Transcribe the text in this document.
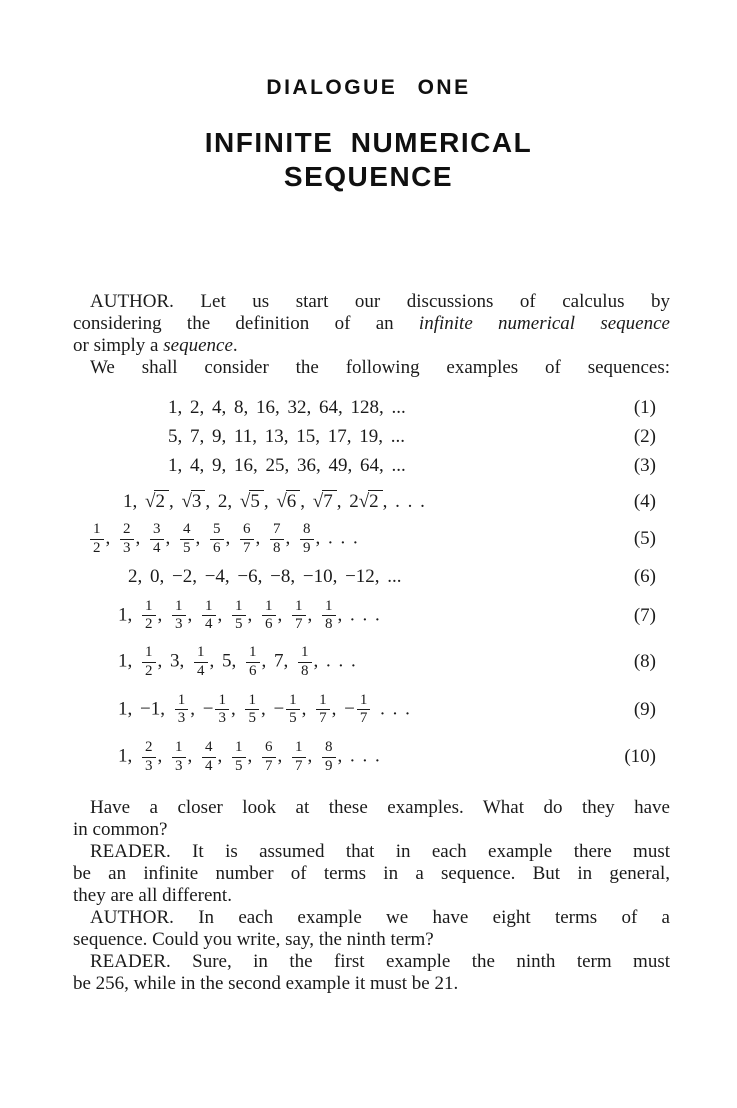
DIALOGUE ONE
INFINITE NUMERICAL
SEQUENCE

AUTHOR. Let us start our discussions of calculus by
considering the definition of an infinite numerical sequence
or simply a sequence.

We shall consider the following examples of sequences:

1, 2, 4, 8, 16, 32, 64, 128, ...	(1)
5, 7, 9, 11, 13, 15, 17, 19, ...	(2)
1, 4, 9, 16, 25, 36, 49, 64, ...	(3)
1, √2 , √3 , 2, √5 , √6 , √7 , 2√2 , . . .	(4)
$\frac{1}{2}$ , $\frac{2}{3}$ , $\frac{3}{4}$ , $\frac{4}{5}$ , $\frac{5}{6}$ , $\frac{6}{7}$ , $\frac{7}{8}$ , $\frac{8}{9}$ , . . .	(5)
2, 0, −2, −4, −6, −8, −10, −12, ...	(6)
1, $\frac{1}{2}$ , $\frac{1}{3}$ , $\frac{1}{4}$ , $\frac{1}{5}$ , $\frac{1}{6}$ , $\frac{1}{7}$ , $\frac{1}{8}$ , . . .	(7)
1, $\frac{1}{2}$ , 3, $\frac{1}{4}$ , 5, $\frac{1}{6}$ , 7, $\frac{1}{8}$ , . . .	(8)
1, −1, $\frac{1}{3}$ , − $\frac{1}{3}$ , $\frac{1}{5}$ , − $\frac{1}{5}$ , $\frac{1}{7}$ , − $\frac{1}{7}$ . . .	(9)
1, $\frac{2}{3}$ , $\frac{1}{3}$ , $\frac{4}{4}$ , $\frac{1}{5}$ , $\frac{6}{7}$ , $\frac{1}{7}$ , $\frac{8}{9}$ , . . .	(10)

Have a closer look at these examples. What do they have
in common?

READER. It is assumed that in each example there must
be an infinite number of terms in a sequence. But in general,
they are all different.

AUTHOR. In each example we have eight terms of a
sequence. Could you write, say, the ninth term?

READER. Sure, in the first example the ninth term must
be 256, while in the second example it must be 21.
